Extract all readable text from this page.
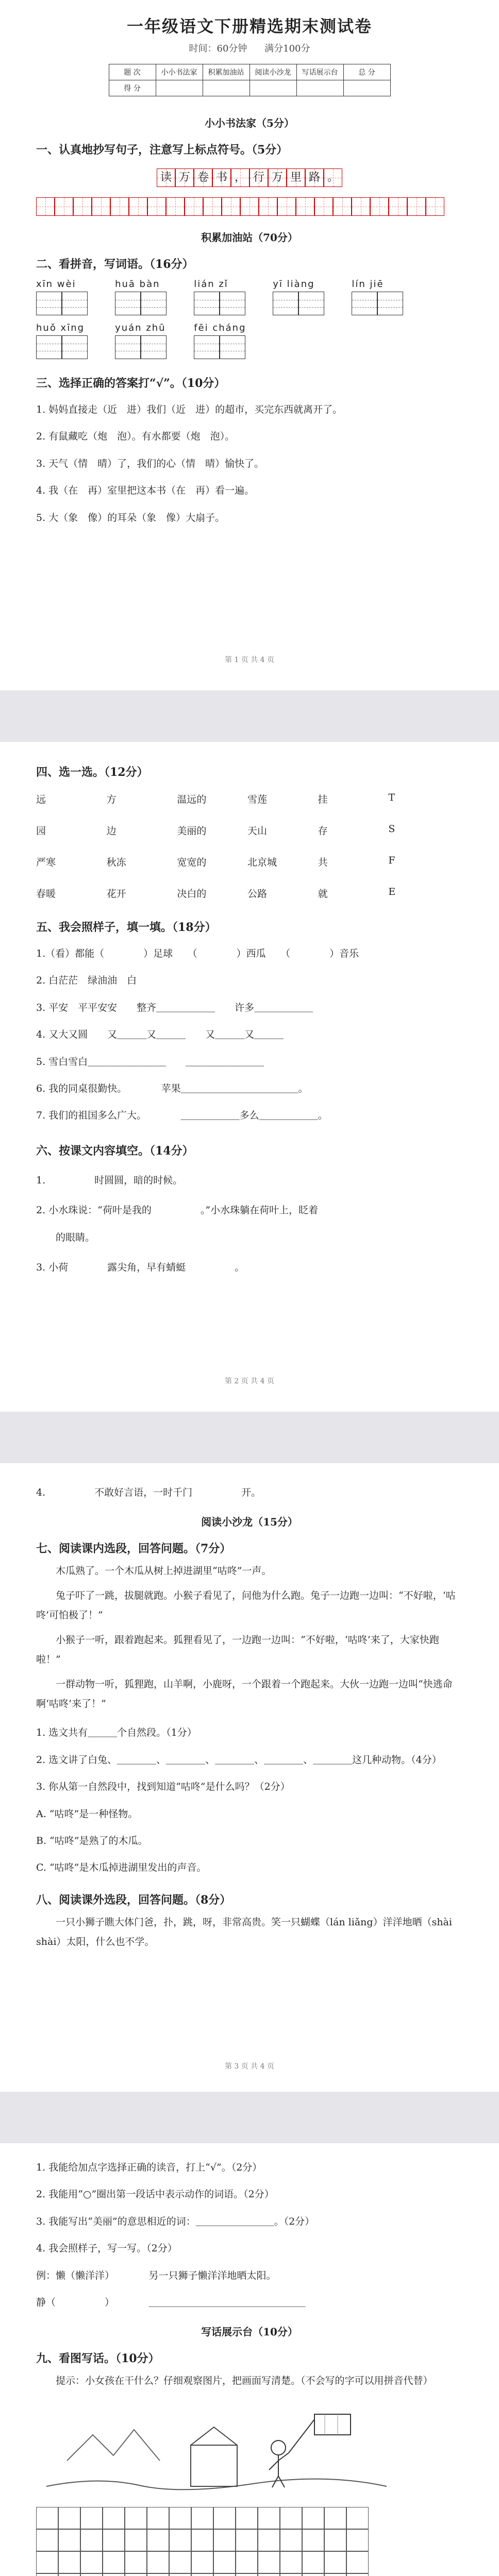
一年级语文下册精选期末测试卷
时间：60分钟 满分100分
题 次	小小书法家	积累加油站	阅读小沙龙	写话展示台	总 分
得 分					
小小书法家（5分）
一、认真地抄写句子，注意写上标点符号。（5分）
读 万 卷 书 ， 行 万 里 路 。
积累加油站（70分）
二、看拼音，写词语。（16分）
xīn wèi
	huā bàn
	lián zǐ
	yī liàng
	lín jiē

huǒ xīng
	yuán zhū
	fēi cháng
三、选择正确的答案打“√”。（10分）
1. 妈妈直接走（近　进）我们（近　进）的超市，买完东西就离开了。
2. 有鼠藏吃（炮　泡）。有水都要（炮　泡）。
3. 天气（情　晴）了，我们的心（情　晴）愉快了。
4. 我（在　再）室里把这本书（在　再）看一遍。
5. 大（象　像）的耳朵（象　像）大扇子。
第 1 页 共 4 页
四、选一选。（12分）
远	方	温远的	雪莲	挂	T
园	边	美丽的	天山	存	S
严寒	秋冻	宽宽的	北京城	共	F
春暖	花开	决白的	公路	就	E
五、我会照样子，填一填。（18分）
1.（看）都能（　　　　）足球　　（　　　　）西瓜　　（　　　　）音乐
2. 白茫茫　绿油油　白　　　　　　　　　　　　　　　　　
3. 平安　平平安安　　整齐＿＿＿＿＿＿　　许多＿＿＿＿＿＿
4. 又大又圆　　又＿＿＿又＿＿＿　　又＿＿＿又＿＿＿
5. 雪白雪白＿＿＿＿＿＿＿＿　　＿＿＿＿＿＿＿＿
6. 我的同桌很勤快。　　　　苹果＿＿＿＿＿＿＿＿＿＿＿＿。
7. 我们的祖国多么广大。　　　　＿＿＿＿＿＿多么＿＿＿＿＿＿。
六、按课文内容填空。（14分）
1.　　　　　时圆圆，暗的时候。
2. 小水珠说：“荷叶是我的　　　　　。”小水珠躺在荷叶上，眨着
　　的眼睛。
3. 小荷　　　　露尖角，早有蜻蜓　　　　　。
第 2 页 共 4 页
4.　　　　　不敢好言语，一时千门　　　　　开。
阅读小沙龙（15分）
七、阅读课内选段，回答问题。（7分）
木瓜熟了。一个木瓜从树上掉进湖里“咕咚”一声。
兔子吓了一跳，拔腿就跑。小猴子看见了，问他为什么跑。兔子一边跑一边叫：“不好啦，‘咕咚’可怕极了！”
小猴子一听，跟着跑起来。狐狸看见了，一边跑一边叫：“不好啦，‘咕咚’来了，大家快跑啦！”
一群动物一听，狐狸跑，山羊啊，小鹿呀，一个跟着一个跑起来。大伙一边跑一边叫“快逃命啊‘咕咚’来了！”
1. 选文共有＿＿＿个自然段。（1分）
2. 选文讲了白兔、＿＿＿＿、＿＿＿＿、＿＿＿＿、＿＿＿＿、＿＿＿＿这几种动物。（4分）
3. 你从第一自然段中，找到知道“咕咚”是什么吗？（2分）
A. “咕咚”是一种怪物。
B. “咕咚”是熟了的木瓜。
C. “咕咚”是木瓜掉进湖里发出的声音。
八、阅读课外选段，回答问题。（8分）
一只小狮子瞧大体门爸，扑，跳，呀，非常高贵。笑一只蝴蝶（lán liǎng）洋洋地晒（shài shài）太阳，什么也不学。
第 3 页 共 4 页
1. 我能给加点字选择正确的读音，打上“√”。（2分）
2. 我能用“○”圈出第一段话中表示动作的词语。（2分）
3. 我能写出“美丽”的意思相近的词：＿＿＿＿＿＿＿＿。（2分）
4. 我会照样子，写一写。（2分）
例：懒（懒洋洋）　　　　另一只狮子懒洋洋地晒太阳。
静（　　　　　）　　　　＿＿＿＿＿＿＿＿＿＿＿＿＿＿＿＿
写话展示台（10分）
九、看图写话。（10分）
提示：小女孩在干什么？仔细观察图片，把画面写清楚。（不会写的字可以用拼音代替）
